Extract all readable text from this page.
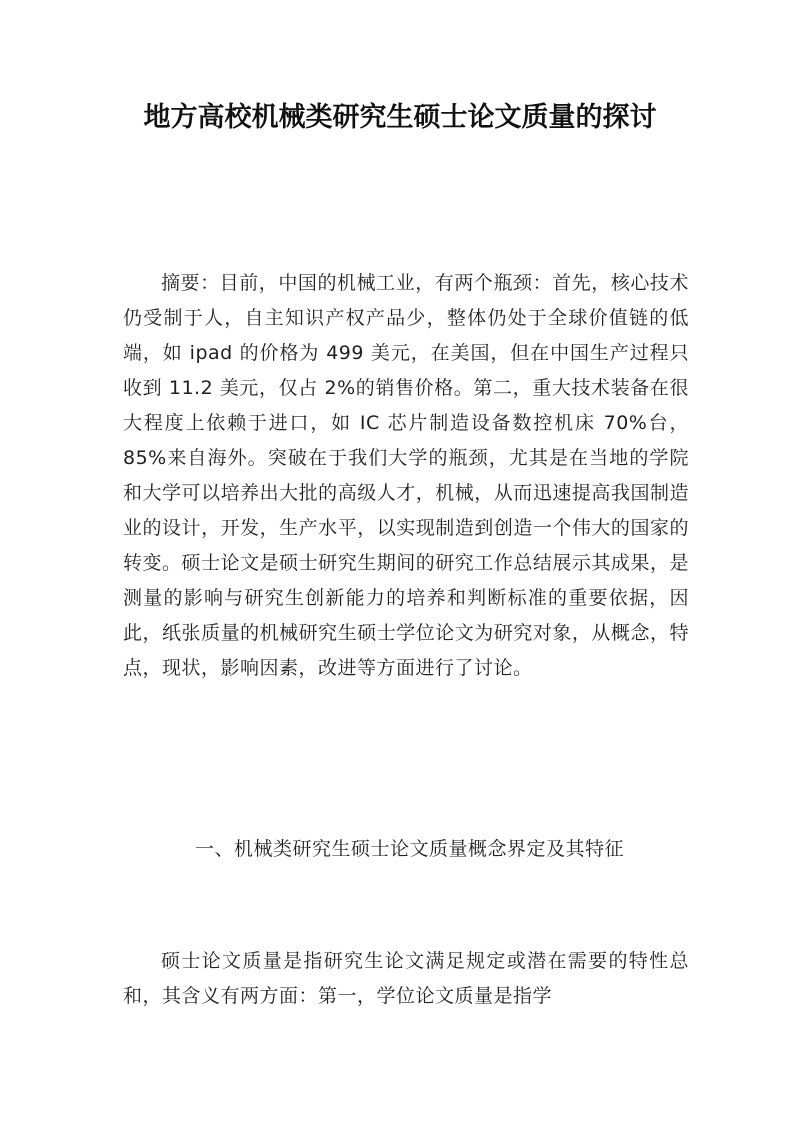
地方高校机械类研究生硕士论文质量的探讨

摘要：目前，中国的机械工业，有两个瓶颈：首先，核心技术仍受制于人，自主知识产权产品少，整体仍处于全球价值链的低端，如 ipad 的价格为 499 美元，在美国，但在中国生产过程只收到 11.2 美元，仅占 2%的销售价格。第二，重大技术装备在很大程度上依赖于进口，如 IC 芯片制造设备数控机床 70%台，85%来自海外。突破在于我们大学的瓶颈，尤其是在当地的学院和大学可以培养出大批的高级人才，机械，从而迅速提高我国制造业的设计，开发，生产水平，以实现制造到创造一个伟大的国家的转变。硕士论文是硕士研究生期间的研究工作总结展示其成果，是测量的影响与研究生创新能力的培养和判断标准的重要依据，因此，纸张质量的机械研究生硕士学位论文为研究对象，从概念，特点，现状，影响因素，改进等方面进行了讨论。

一、机械类研究生硕士论文质量概念界定及其特征

硕士论文质量是指研究生论文满足规定或潜在需要的特性总和，其含义有两方面：第一，学位论文质量是指学
